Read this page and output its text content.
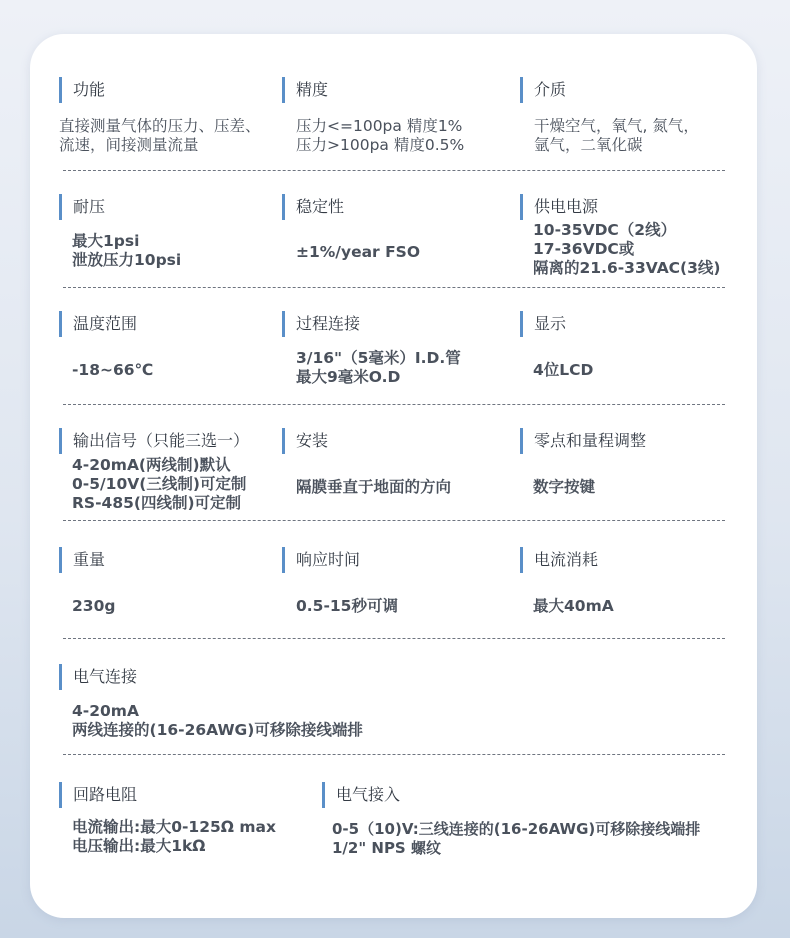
功能
直接测量气体的压力、压差、
流速，间接测量流量
精度
压力<=100pa 精度1%
压力>100pa 精度0.5%
介质
干燥空气，氧气, 氮气，
氩气，二氧化碳
耐压
最大1psi
泄放压力10psi
稳定性
±1%/year FSO
供电电源
10-35VDC（2线）
17-36VDC或
隔离的21.6-33VAC(3线)
温度范围
-18~66℃
过程连接
3/16"（5毫米）I.D.管
最大9毫米O.D
显示
4位LCD
输出信号（只能三选一）
4-20mA(两线制)默认
0-5/10V(三线制)可定制
RS-485(四线制)可定制
安装
隔膜垂直于地面的方向
零点和量程调整
数字按键
重量
230g
响应时间
0.5-15秒可调
电流消耗
最大40mA
电气连接
4-20mA
两线连接的(16-26AWG)可移除接线端排
回路电阻
电流输出:最大0-125Ω max
电压输出:最大1kΩ
电气接入
0-5（10)V:三线连接的(16-26AWG)可移除接线端排
1/2" NPS 螺纹
